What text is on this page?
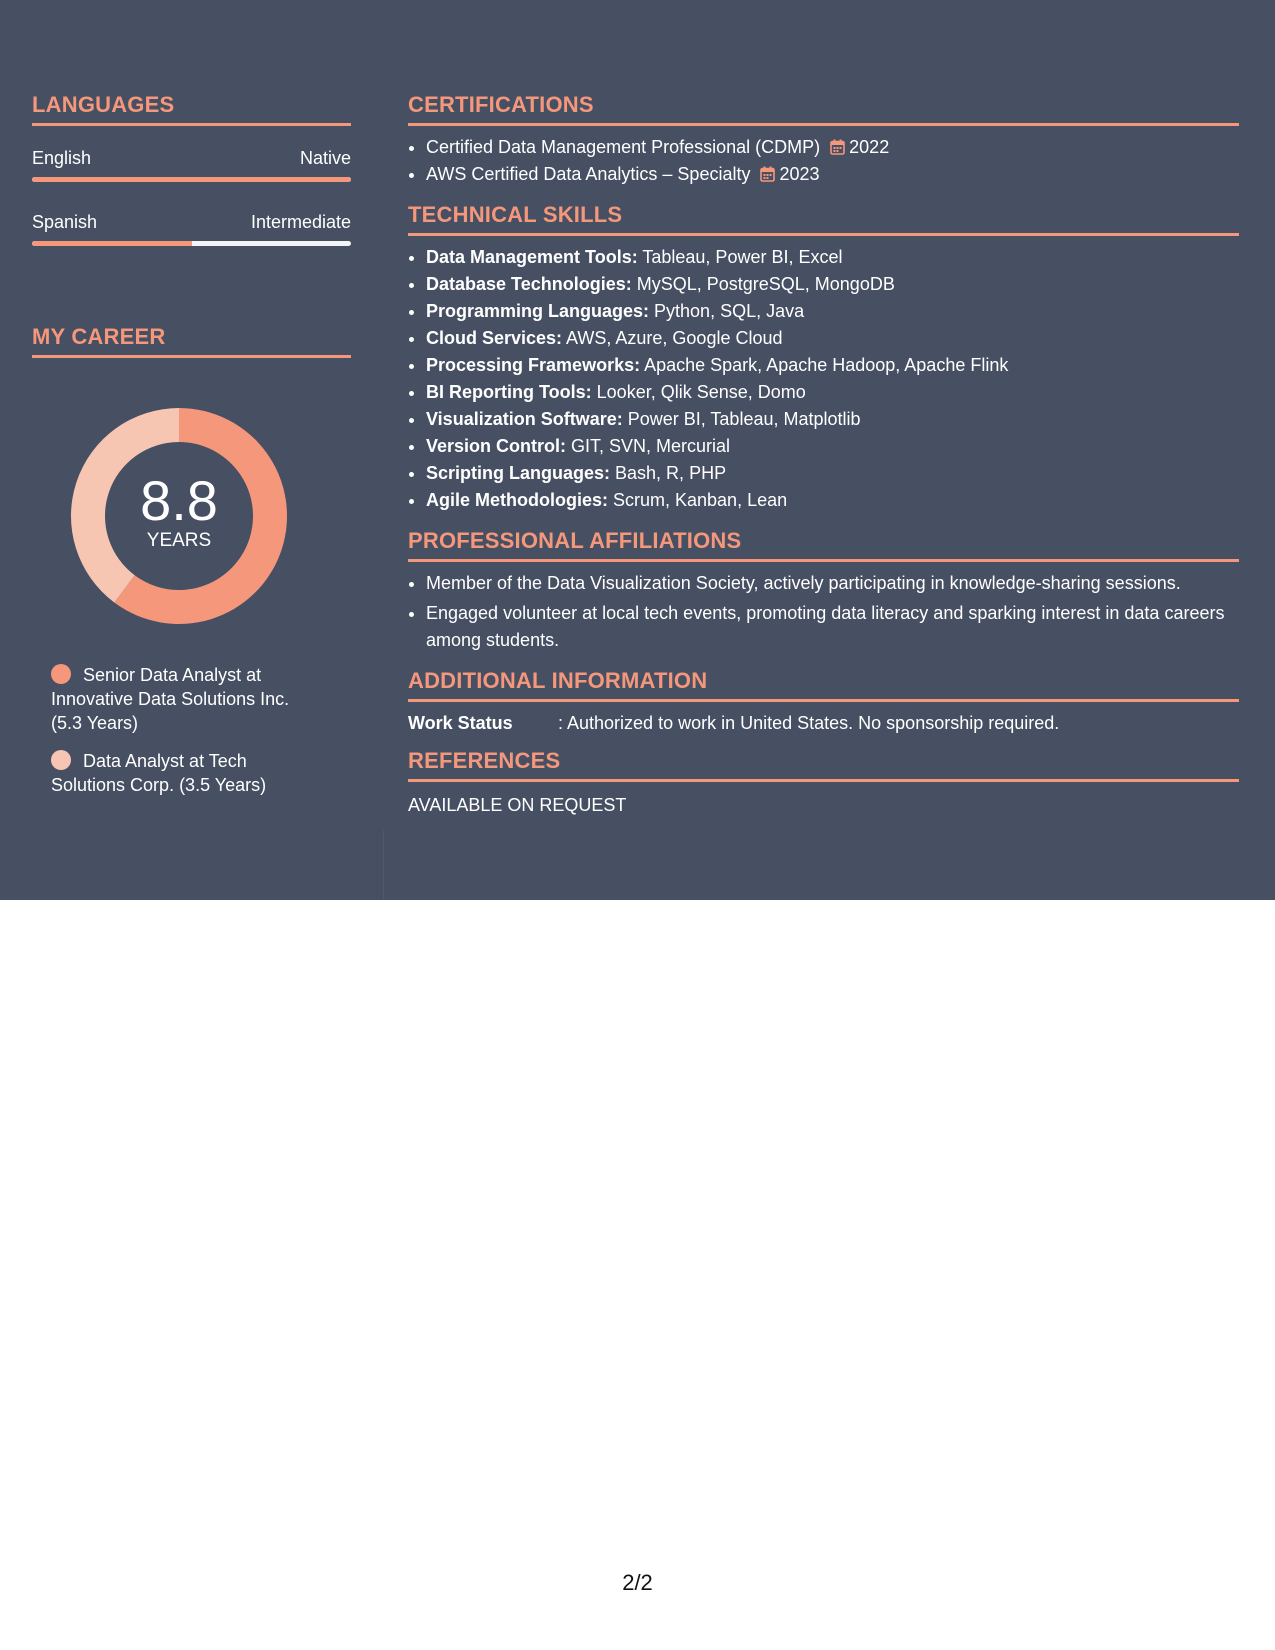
LANGUAGES
English	Native
Spanish	Intermediate
MY CAREER
8.8
YEARS
Senior Data Analyst at Innovative Data Solutions Inc. (5.3 Years)
Data Analyst at Tech Solutions Corp. (3.5 Years)
CERTIFICATIONS
• Certified Data Management Professional (CDMP) 2022
• AWS Certified Data Analytics – Specialty 2023
TECHNICAL SKILLS
• Data Management Tools: Tableau, Power BI, Excel
• Database Technologies: MySQL, PostgreSQL, MongoDB
• Programming Languages: Python, SQL, Java
• Cloud Services: AWS, Azure, Google Cloud
• Processing Frameworks: Apache Spark, Apache Hadoop, Apache Flink
• BI Reporting Tools: Looker, Qlik Sense, Domo
• Visualization Software: Power BI, Tableau, Matplotlib
• Version Control: GIT, SVN, Mercurial
• Scripting Languages: Bash, R, PHP
• Agile Methodologies: Scrum, Kanban, Lean
PROFESSIONAL AFFILIATIONS
• Member of the Data Visualization Society, actively participating in knowledge-sharing sessions.
• Engaged volunteer at local tech events, promoting data literacy and sparking interest in data careers among students.
ADDITIONAL INFORMATION
Work Status	: Authorized to work in United States. No sponsorship required.
REFERENCES
AVAILABLE ON REQUEST
2/2
